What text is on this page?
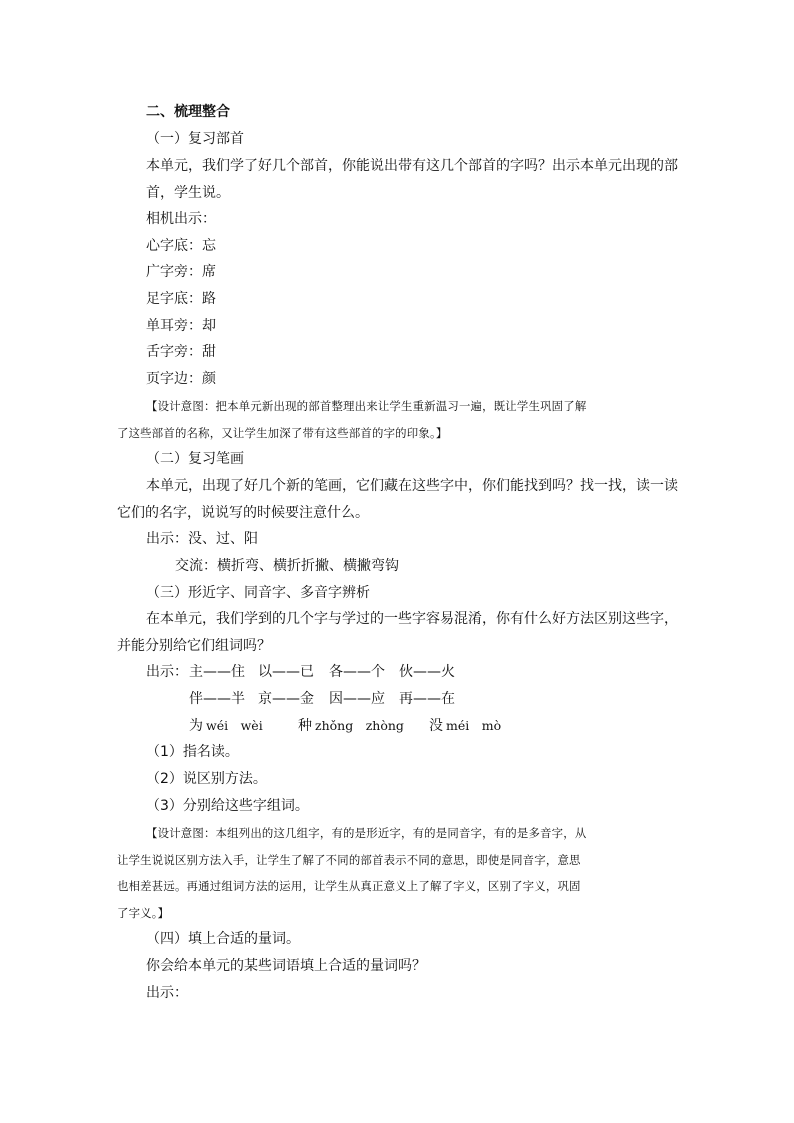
二、梳理整合
（一）复习部首
本单元，我们学了好几个部首，你能说出带有这几个部首的字吗？出示本单元出现的部
首，学生说。
相机出示：
心字底：忘
广字旁：席
足字底：路
单耳旁：却
舌字旁：甜
页字边：颜
【设计意图：把本单元新出现的部首整理出来让学生重新温习一遍，既让学生巩固了解
了这些部首的名称，又让学生加深了带有这些部首的字的印象。】
（二）复习笔画
本单元，出现了好几个新的笔画，它们藏在这些字中，你们能找到吗？找一找，读一读
它们的名字，说说写的时候要注意什么。
出示：没、过、阳
交流：横折弯、横折折撇、横撇弯钩
（三）形近字、同音字、多音字辨析
在本单元，我们学到的几个字与学过的一些字容易混淆，你有什么好方法区别这些字，
并能分别给它们组词吗？
出示： 主——住 以——已 各——个 伙——火
伴——半 京——金 因——应 再——在
为 wéi　wèi	种 zhǒng　zhòng 没 méi　mò
（1）指名读。
（2）说区别方法。
（3）分别给这些字组词。
【设计意图：本组列出的这几组字，有的是形近字，有的是同音字，有的是多音字，从
让学生说说区别方法入手，让学生了解了不同的部首表示不同的意思，即使是同音字，意思
也相差甚远。再通过组词方法的运用，让学生从真正意义上了解了字义，区别了字义，巩固
了字义。】
（四）填上合适的量词。
你会给本单元的某些词语填上合适的量词吗？
出示：
